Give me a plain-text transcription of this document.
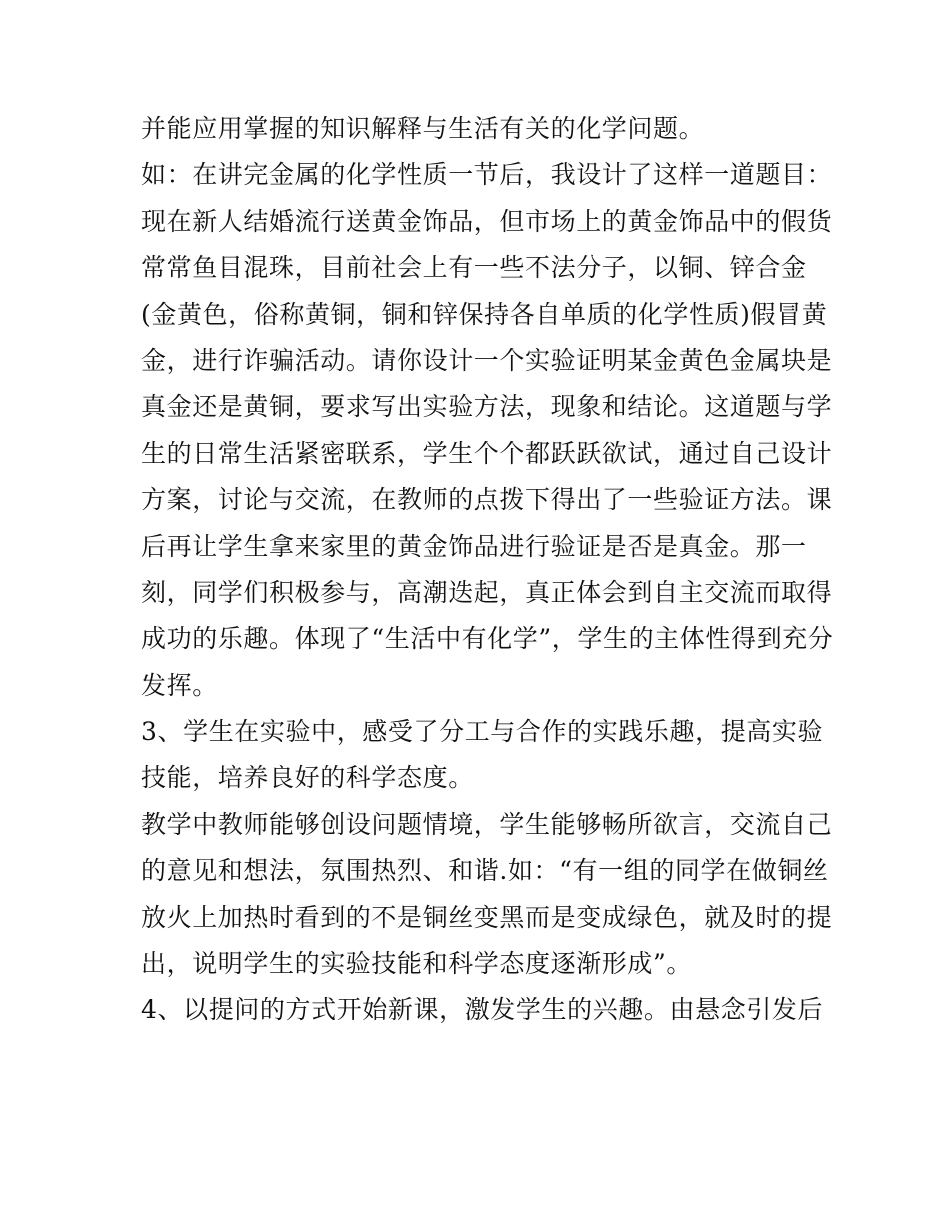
并能应用掌握的知识解释与生活有关的化学问题。
如：在讲完金属的化学性质一节后，我设计了这样一道题目：
现在新人结婚流行送黄金饰品，但市场上的黄金饰品中的假货
常常鱼目混珠，目前社会上有一些不法分子，以铜、锌合金
(金黄色，俗称黄铜，铜和锌保持各自单质的化学性质)假冒黄
金，进行诈骗活动。请你设计一个实验证明某金黄色金属块是
真金还是黄铜，要求写出实验方法，现象和结论。这道题与学
生的日常生活紧密联系，学生个个都跃跃欲试，通过自己设计
方案，讨论与交流，在教师的点拨下得出了一些验证方法。课
后再让学生拿来家里的黄金饰品进行验证是否是真金。那一
刻，同学们积极参与，高潮迭起，真正体会到自主交流而取得
成功的乐趣。体现了“生活中有化学”，学生的主体性得到充分
发挥。
3、学生在实验中，感受了分工与合作的实践乐趣，提高实验
技能，培养良好的科学态度。
教学中教师能够创设问题情境，学生能够畅所欲言，交流自己
的意见和想法，氛围热烈、和谐.如：“有一组的同学在做铜丝
放火上加热时看到的不是铜丝变黑而是变成绿色，就及时的提
出，说明学生的实验技能和科学态度逐渐形成”。
4、以提问的方式开始新课，激发学生的兴趣。由悬念引发后
